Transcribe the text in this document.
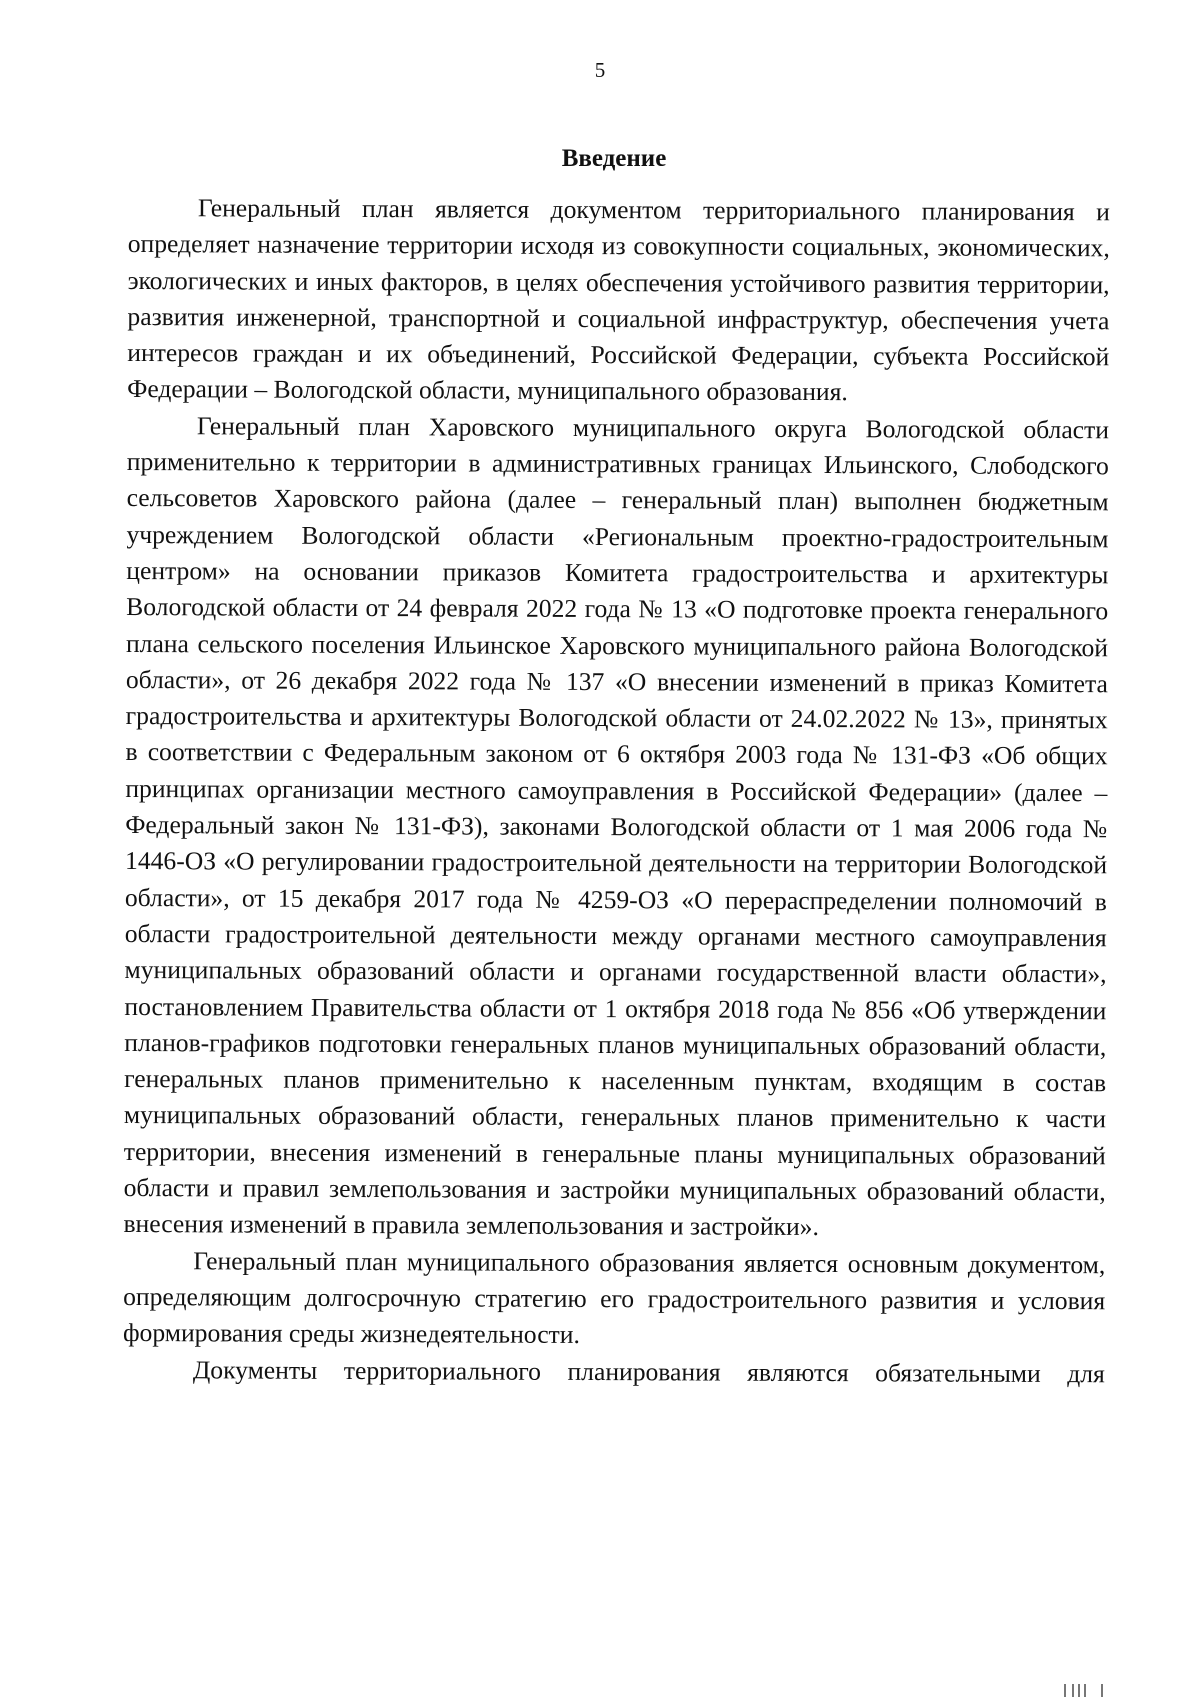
5
Введение

Генеральный план является документом территориального планирования и определяет назначение территории исходя из совокупности социальных, экономических, экологических и иных факторов, в целях обеспечения устойчивого развития территории, развития инженерной, транспортной и социальной инфраструктур, обеспечения учета интересов граждан и их объединений, Российской Федерации, субъекта Российской Федерации – Вологодской области, муниципального образования.

Генеральный план Харовского муниципального округа Вологодской области применительно к территории в административных границах Ильинского, Слободского сельсоветов Харовского района (далее – генеральный план) выполнен бюджетным учреждением Вологодской области «Региональным проектно-градостроительным центром» на основании приказов Комитета градостроительства и архитектуры Вологодской области от 24 февраля 2022 года № 13 «О подготовке проекта генерального плана сельского поселения Ильинское Харовского муниципального района Вологодской области», от 26 декабря 2022 года № 137 «О внесении изменений в приказ Комитета градостроительства и архитектуры Вологодской области от 24.02.2022 № 13», принятых в соответствии с Федеральным законом от 6 октября 2003 года № 131-ФЗ «Об общих принципах организации местного самоуправления в Российской Федерации» (далее – Федеральный закон № 131-ФЗ), законами Вологодской области от 1 мая 2006 года № 1446-ОЗ «О регулировании градостроительной деятельности на территории Вологодской области», от 15 декабря 2017 года № 4259-ОЗ «О перераспределении полномочий в области градостроительной деятельности между органами местного самоуправления муниципальных образований области и органами государственной власти области», постановлением Правительства области от 1 октября 2018 года № 856 «Об утверждении планов-графиков подготовки генеральных планов муниципальных образований области, генеральных планов применительно к населенным пунктам, входящим в состав муниципальных образований области, генеральных планов применительно к части территории, внесения изменений в генеральные планы муниципальных образований области и правил землепользования и застройки муниципальных образований области, внесения изменений в правила землепользования и застройки».

Генеральный план муниципального образования является основным документом, определяющим долгосрочную стратегию его градостроительного развития и условия формирования среды жизнедеятельности.

Документы территориального планирования являются обязательными для
